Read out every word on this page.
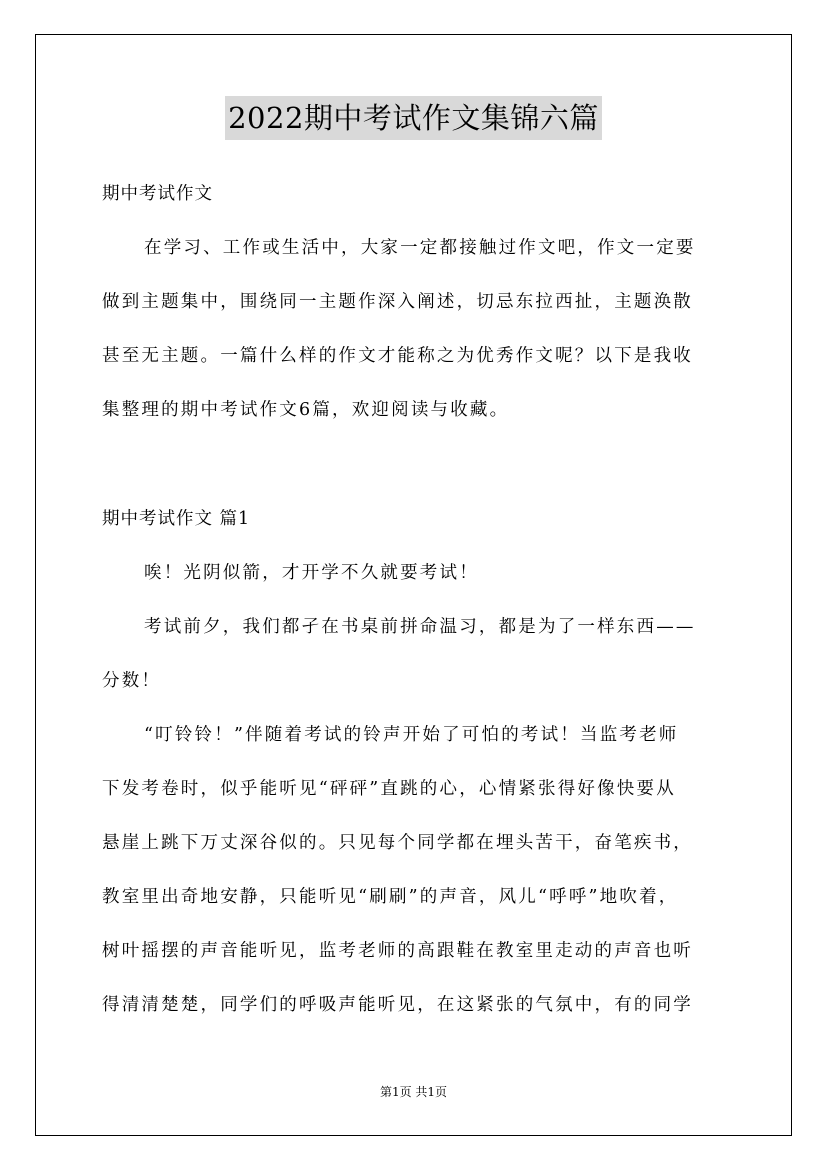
2022期中考试作文集锦六篇
期中考试作文
在学习、工作或生活中，大家一定都接触过作文吧，作文一定要
做到主题集中，围绕同一主题作深入阐述，切忌东拉西扯，主题涣散
甚至无主题。一篇什么样的作文才能称之为优秀作文呢？以下是我收
集整理的期中考试作文6篇，欢迎阅读与收藏。
期中考试作文 篇1
唉！光阴似箭，才开学不久就要考试！
考试前夕，我们都孑在书桌前拼命温习，都是为了一样东西——
分数！
“叮铃铃！”伴随着考试的铃声开始了可怕的考试！当监考老师
下发考卷时，似乎能听见“砰砰”直跳的心，心情紧张得好像快要从
悬崖上跳下万丈深谷似的。只见每个同学都在埋头苦干，奋笔疾书，
教室里出奇地安静，只能听见“刷刷”的声音，风儿“呼呼”地吹着，
树叶摇摆的声音能听见，监考老师的高跟鞋在教室里走动的声音也听
得清清楚楚，同学们的呼吸声能听见，在这紧张的气氛中，有的同学
第1页 共1页
